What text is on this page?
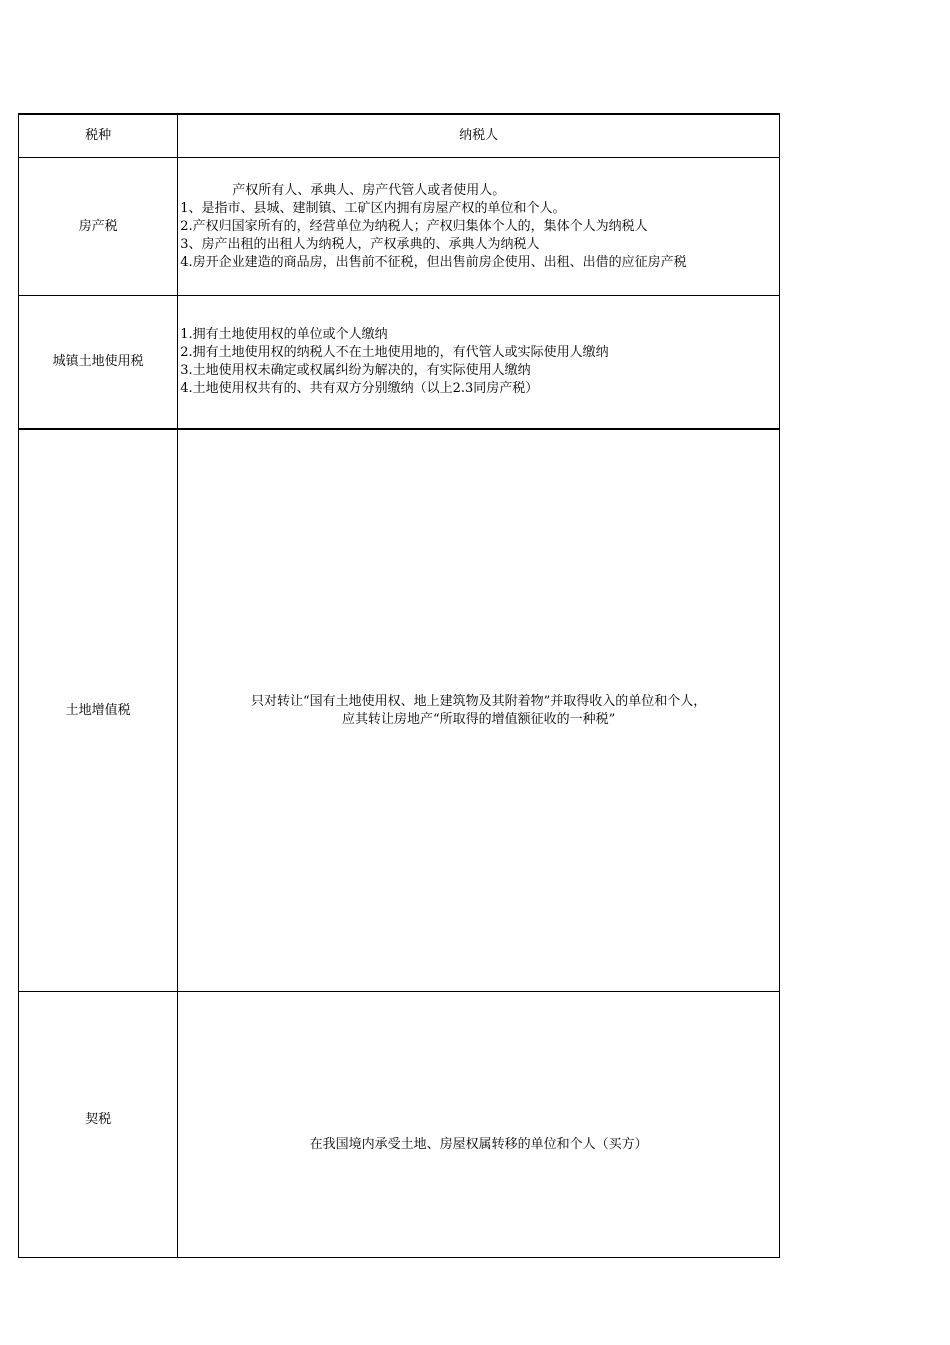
税种	纳税人
房产税	产权所有人、承典人、房产代管人或者使用人。
1、是指市、县城、建制镇、工矿区内拥有房屋产权的单位和个人。
2.产权归国家所有的，经营单位为纳税人；产权归集体个人的，集体个人为纳税人
3、房产出租的出租人为纳税人，产权承典的、承典人为纳税人
4.房开企业建造的商品房，出售前不征税，但出售前房企使用、出租、出借的应征房产税

城镇土地使用税	1.拥有土地使用权的单位或个人缴纳
2.拥有土地使用权的纳税人不在土地使用地的，有代管人或实际使用人缴纳
3.土地使用权未确定或权属纠纷为解决的，有实际使用人缴纳
4.土地使用权共有的、共有双方分别缴纳（以上2.3同房产税）

土地增值税	只对转让“国有土地使用权、地上建筑物及其附着物”并取得收入的单位和个人，
应其转让房地产“所取得的增值额征收的一种税”

契税	在我国境内承受土地、房屋权属转移的单位和个人（买方）
